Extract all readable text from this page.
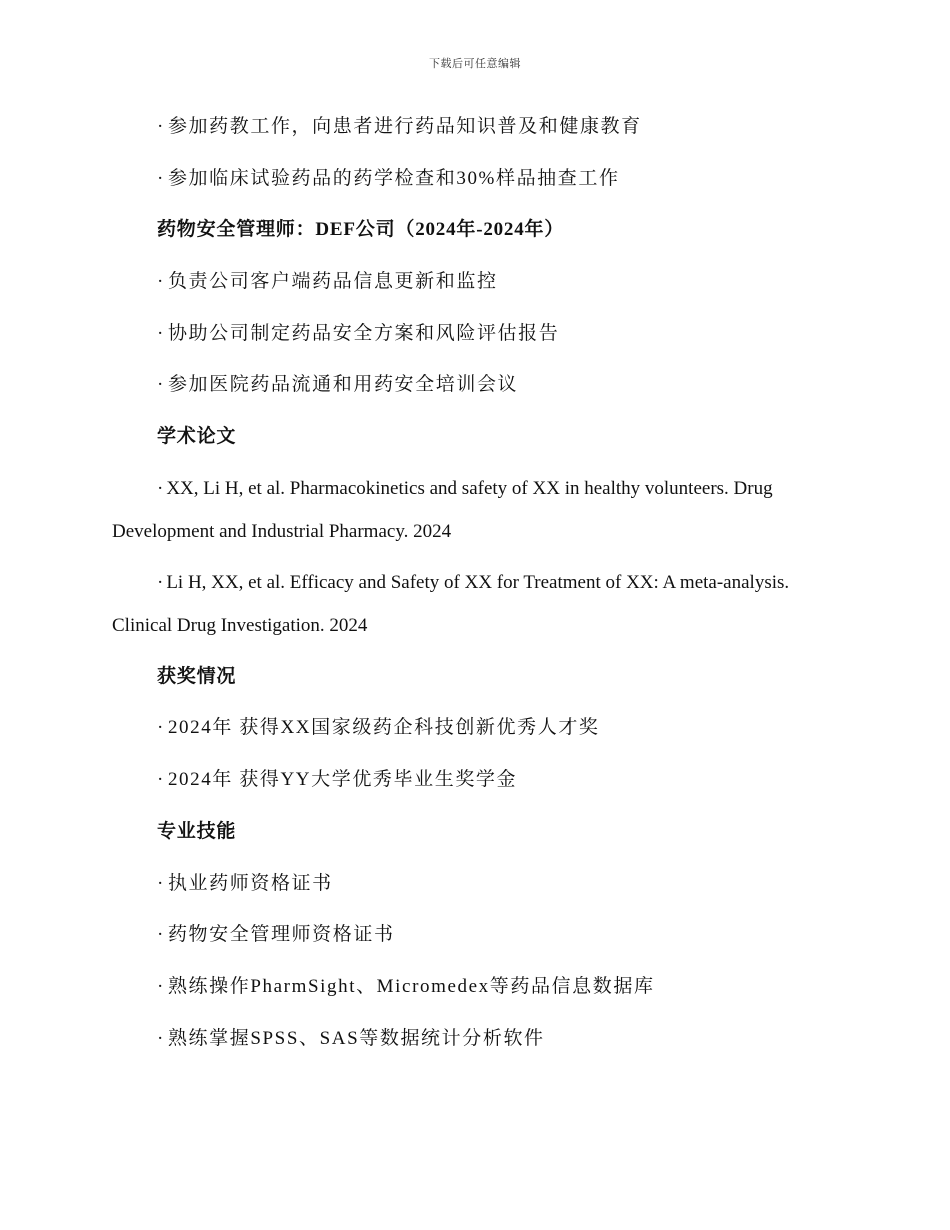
下载后可任意编辑
· 参加药教工作，向患者进行药品知识普及和健康教育
· 参加临床试验药品的药学检查和30%样品抽查工作
药物安全管理师：DEF公司（2024年-2024年）
· 负责公司客户端药品信息更新和监控
· 协助公司制定药品安全方案和风险评估报告
· 参加医院药品流通和用药安全培训会议
学术论文
· XX, Li H, et al. Pharmacokinetics and safety of XX in healthy volunteers. Drug Development and Industrial Pharmacy. 2024
· Li H, XX, et al. Efficacy and Safety of XX for Treatment of XX: A meta-analysis. Clinical Drug Investigation. 2024
获奖情况
· 2024年 获得XX国家级药企科技创新优秀人才奖
· 2024年 获得YY大学优秀毕业生奖学金
专业技能
· 执业药师资格证书
· 药物安全管理师资格证书
· 熟练操作PharmSight、Micromedex等药品信息数据库
· 熟练掌握SPSS、SAS等数据统计分析软件
